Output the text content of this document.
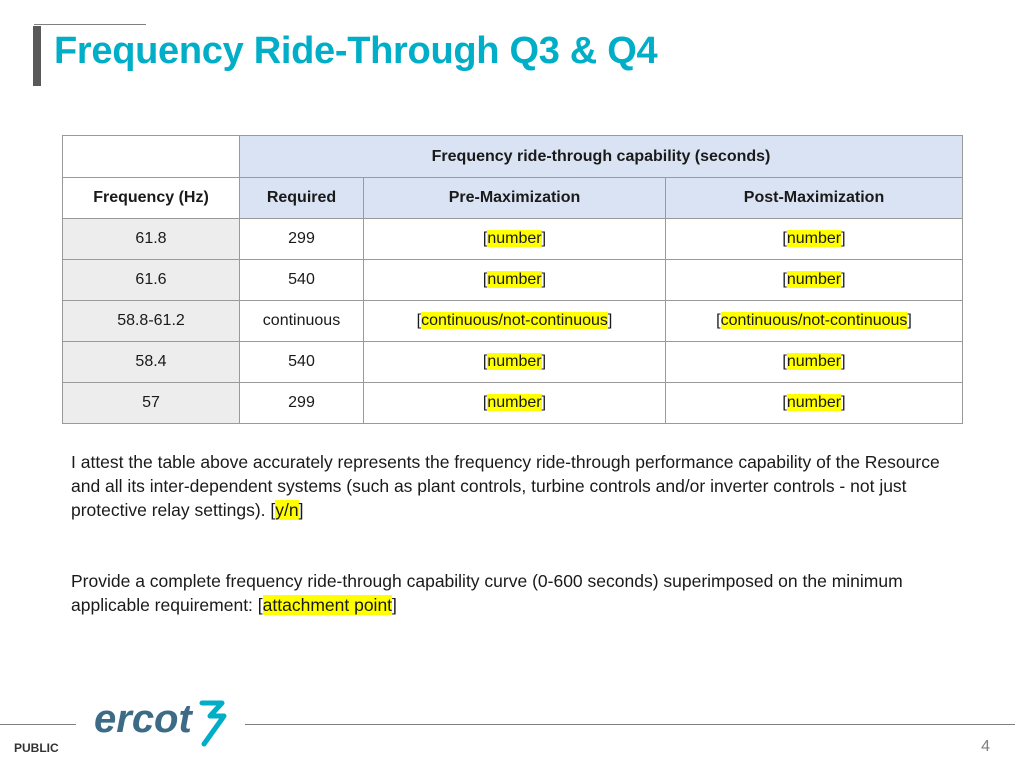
Frequency Ride-Through Q3 & Q4
	Frequency ride-through capability (seconds)		
Frequency (Hz)	Required	Pre-Maximization	Post-Maximization
61.8	299	[number]	[number]
61.6	540	[number]	[number]
58.8-61.2	continuous	[continuous/not-continuous]	[continuous/not-continuous]
58.4	540	[number]	[number]
57	299	[number]	[number]

I attest the table above accurately represents the frequency ride-through performance capability of the Resource and all its inter-dependent systems (such as plant controls, turbine controls and/or inverter controls - not just protective relay settings). [y/n]

Provide a complete frequency ride-through capability curve (0-600 seconds) superimposed on the minimum applicable requirement: [attachment point]

ercot
PUBLIC	4
